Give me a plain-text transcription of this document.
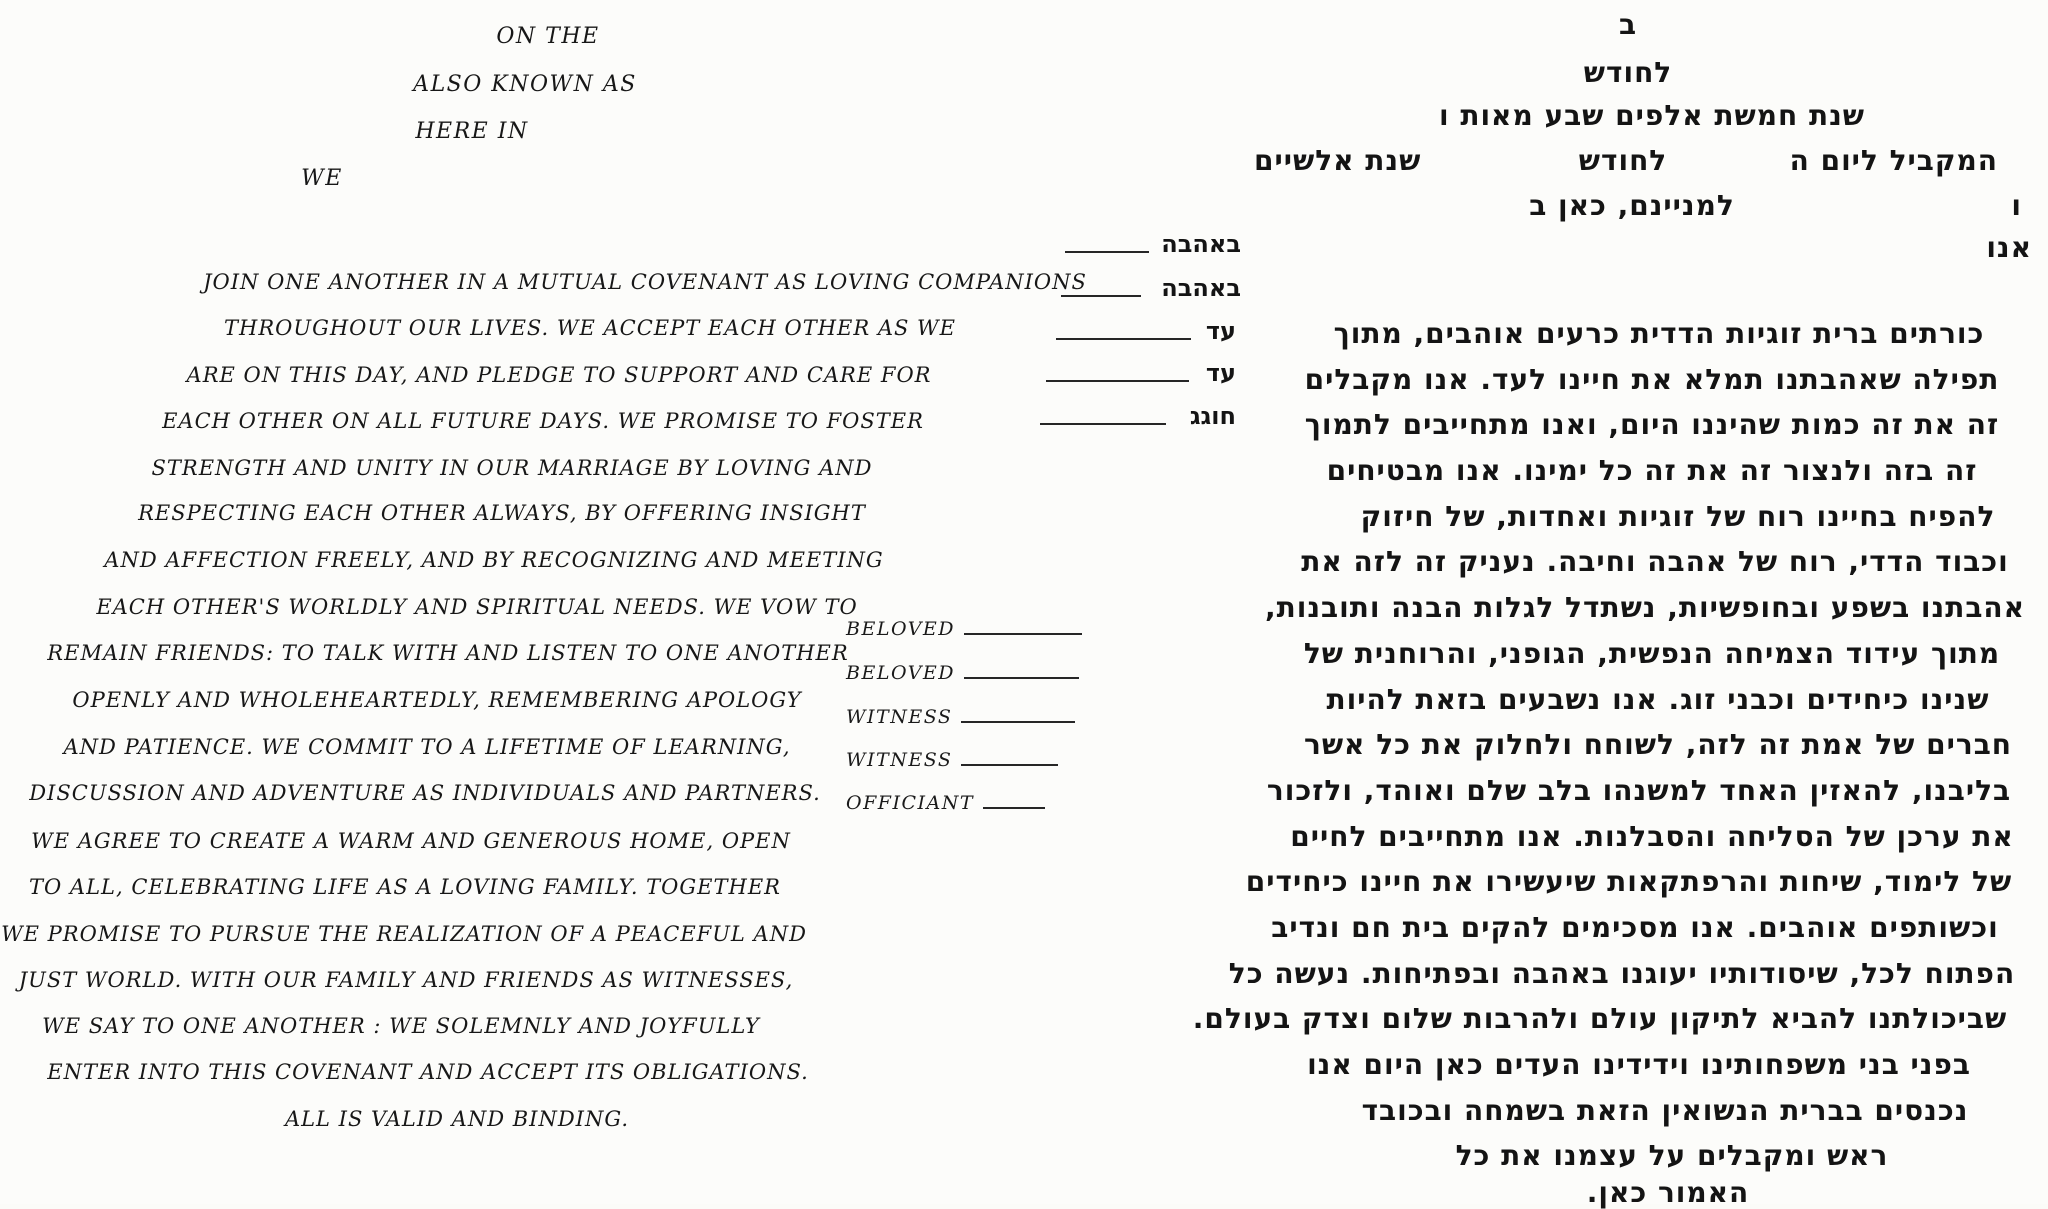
ON THE
ALSO KNOWN AS
HERE IN
WE
JOIN ONE ANOTHER IN A MUTUAL COVENANT AS LOVING COMPANIONS
THROUGHOUT OUR LIVES. WE ACCEPT EACH OTHER AS WE
ARE ON THIS DAY, AND PLEDGE TO SUPPORT AND CARE FOR
EACH OTHER ON ALL FUTURE DAYS. WE PROMISE TO FOSTER
STRENGTH AND UNITY IN OUR MARRIAGE BY LOVING AND
RESPECTING EACH OTHER ALWAYS, BY OFFERING INSIGHT
AND AFFECTION FREELY, AND BY RECOGNIZING AND MEETING
EACH OTHER'S WORLDLY AND SPIRITUAL NEEDS. WE VOW TO
REMAIN FRIENDS: TO TALK WITH AND LISTEN TO ONE ANOTHER
OPENLY AND WHOLEHEARTEDLY, REMEMBERING APOLOGY
AND PATIENCE. WE COMMIT TO A LIFETIME OF LEARNING,
DISCUSSION AND ADVENTURE AS INDIVIDUALS AND PARTNERS.
WE AGREE TO CREATE A WARM AND GENEROUS HOME, OPEN
TO ALL, CELEBRATING LIFE AS A LOVING FAMILY. TOGETHER
WE PROMISE TO PURSUE THE REALIZATION OF A PEACEFUL AND
JUST WORLD. WITH OUR FAMILY AND FRIENDS AS WITNESSES,
WE SAY TO ONE ANOTHER : WE SOLEMNLY AND JOYFULLY
ENTER INTO THIS COVENANT AND ACCEPT ITS OBLIGATIONS.
ALL IS VALID AND BINDING.
BELOVED
BELOVED
WITNESS
WITNESS
OFFICIANT
ב
לחודש
שנת חמשת אלפים שבע מאות ו
המקביל ליום ה
לחודש
שנת אלשיים
ו
למניינם, כאן ב
אנו
באהבה
באהבה
עד
עד
חוגג
כורתים ברית זוגיות הדדית כרעים אוהבים, מתוך
תפילה שאהבתנו תמלא את חיינו לעד. אנו מקבלים
זה את זה כמות שהיננו היום, ואנו מתחייבים לתמוך
זה בזה ולנצור זה את זה כל ימינו. אנו מבטיחים
להפיח בחיינו רוח של זוגיות ואחדות, של חיזוק
וכבוד הדדי, רוח של אהבה וחיבה. נעניק זה לזה את
אהבתנו בשפע ובחופשיות, נשתדל לגלות הבנה ותובנות,
מתוך עידוד הצמיחה הנפשית, הגופני, והרוחנית של
שנינו כיחידים וכבני זוג. אנו נשבעים בזאת להיות
חברים של אמת זה לזה, לשוחח ולחלוק את כל אשר
בליבנו, להאזין האחד למשנהו בלב שלם ואוהד, ולזכור
את ערכן של הסליחה והסבלנות. אנו מתחייבים לחיים
של לימוד, שיחות והרפתקאות שיעשירו את חיינו כיחידים
וכשותפים אוהבים. אנו מסכימים להקים בית חם ונדיב
הפתוח לכל, שיסודותיו יעוגנו באהבה ובפתיחות. נעשה כל
שביכולתנו להביא לתיקון עולם ולהרבות שלום וצדק בעולם.
בפני בני משפחותינו וידידינו העדים כאן היום אנו
נכנסים בברית הנשואין הזאת בשמחה ובכובד
ראש ומקבלים על עצמנו את כל
האמור כאן.
